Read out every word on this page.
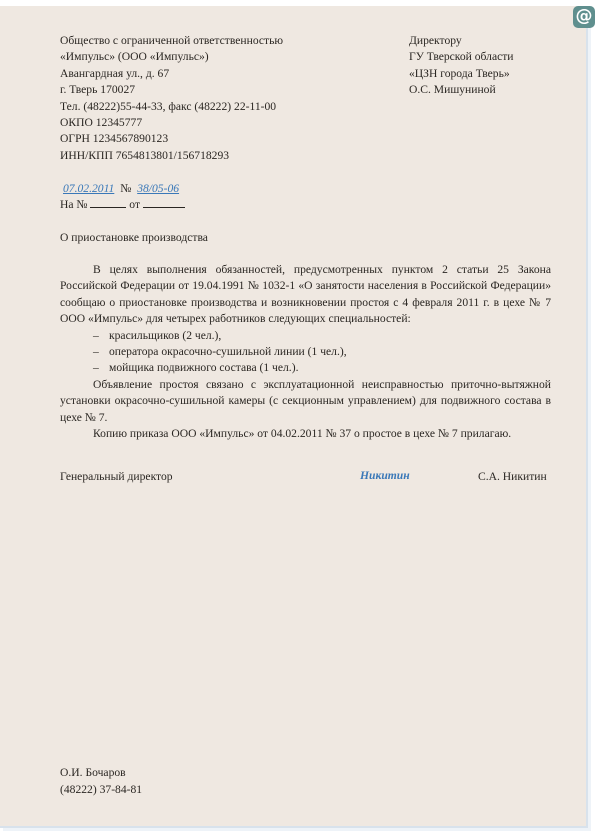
@
Общество с ограниченной ответственностью
«Импульс» (ООО «Импульс»)
Авангардная ул., д. 67
г. Тверь 170027
Тел. (48222)55-44-33, факс (48222) 22-11-00
ОКПО 12345777
ОГРН 1234567890123
ИНН/КПП 7654813801/156718293
Директору
ГУ Тверской области
«ЦЗН города Тверь»
О.С. Мишуниной
07.02.2011 № 38/05-06
На №	от
О приостановке производства

В целях выполнения обязанностей, предусмотренных пунктом 2 статьи 25 Закона Российской Федерации от 19.04.1991 № 1032-1 «О занятости населения в Российской Федерации» сообщаю о приостановке производства и возникновении простоя с 4 февраля 2011 г. в цехе № 7 ООО «Импульс» для четырех работников следующих специальностей:

– красильщиков (2 чел.),
– оператора окрасочно-сушильной линии (1 чел.),
– мойщика подвижного состава (1 чел.).

Объявление простоя связано с эксплуатационной неисправностью приточно-вытяжной установки окрасочно-сушильной камеры (с секционным управлением) для подвижного состава в цехе № 7.

Копию приказа ООО «Импульс» от 04.02.2011 № 37 о простое в цехе № 7 прилагаю.

Генеральный директор	Никитин	С.А. Никитин
О.И. Бочаров
(48222) 37-84-81
